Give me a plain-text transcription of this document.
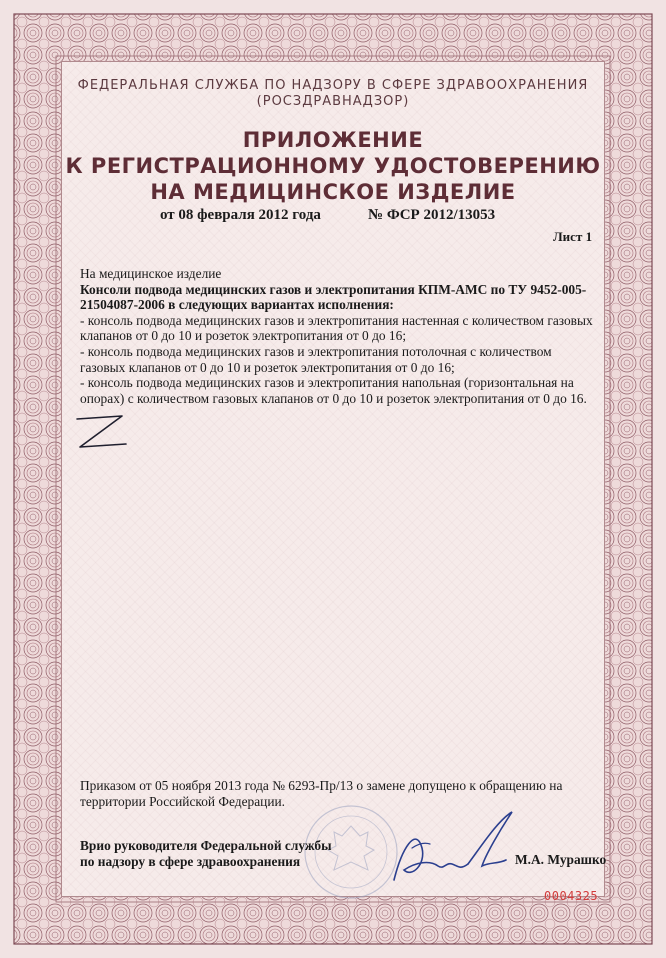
ФЕДЕРАЛЬНАЯ СЛУЖБА ПО НАДЗОРУ В СФЕРЕ ЗДРАВООХРАНЕНИЯ
(РОСЗДРАВНАДЗОР)
ПРИЛОЖЕНИЕ
К РЕГИСТРАЦИОННОМУ УДОСТОВЕРЕНИЮ
НА МЕДИЦИНСКОЕ ИЗДЕЛИЕ
от 08 февраля 2012 года	№ ФСР 2012/13053
Лист 1

На медицинское изделие

Консоли подвода медицинских газов и электропитания КПМ-АМС по ТУ 9452-005-21504087-2006 в следующих вариантах исполнения:

- консоль подвода медицинских газов и электропитания настенная с количеством газовых клапанов от 0 до 10 и розеток электропитания от 0 до 16;

- консоль подвода медицинских газов и электропитания потолочная с количеством газовых клапанов от 0 до 10 и розеток электропитания от 0 до 16;

- консоль подвода медицинских газов и электропитания напольная (горизонтальная на опорах) с количеством газовых клапанов от 0 до 10 и розеток электропитания от 0 до 16.

Приказом от 05 ноября 2013 года № 6293-Пр/13 о замене допущено к обращению на территории Российской Федерации.
Врио руководителя Федеральной службы
по надзору в сфере здравоохранения	М.А. Мурашко
0004325
